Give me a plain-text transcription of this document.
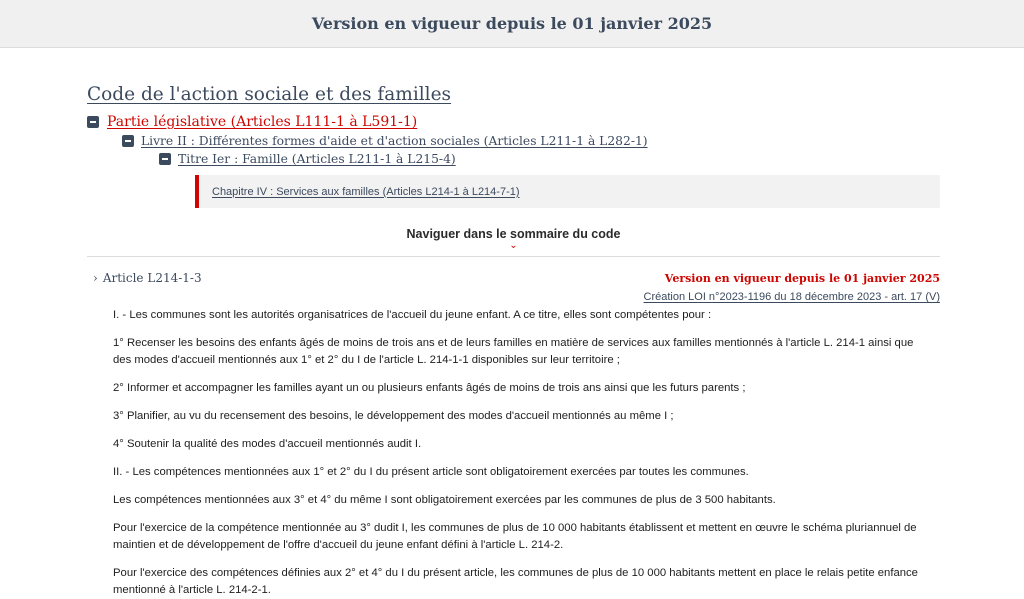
Version en vigueur depuis le 01 janvier 2025
Code de l'action sociale et des familles
Partie législative (Articles L111-1 à L591-1)
Livre II : Différentes formes d'aide et d'action sociales (Articles L211-1 à L282-1)
Titre Ier : Famille (Articles L211-1 à L215-4)
Chapitre IV : Services aux familles (Articles L214-1 à L214-7-1)
Naviguer dans le sommaire du code
⌄
› Article L214-1-3	Version en vigueur depuis le 01 janvier 2025
Création LOI n°2023-1196 du 18 décembre 2023 - art. 17 (V)

I. - Les communes sont les autorités organisatrices de l'accueil du jeune enfant. A ce titre, elles sont compétentes pour :

1° Recenser les besoins des enfants âgés de moins de trois ans et de leurs familles en matière de services aux familles mentionnés à l'article L. 214-1 ainsi que des modes d'accueil mentionnés aux 1° et 2° du I de l'article L. 214-1-1 disponibles sur leur territoire ;

2° Informer et accompagner les familles ayant un ou plusieurs enfants âgés de moins de trois ans ainsi que les futurs parents ;

3° Planifier, au vu du recensement des besoins, le développement des modes d'accueil mentionnés au même I ;

4° Soutenir la qualité des modes d'accueil mentionnés audit I.

II. - Les compétences mentionnées aux 1° et 2° du I du présent article sont obligatoirement exercées par toutes les communes.

Les compétences mentionnées aux 3° et 4° du même I sont obligatoirement exercées par les communes de plus de 3 500 habitants.

Pour l'exercice de la compétence mentionnée au 3° dudit I, les communes de plus de 10 000 habitants établissent et mettent en œuvre le schéma pluriannuel de maintien et de développement de l'offre d'accueil du jeune enfant défini à l'article L. 214-2.

Pour l'exercice des compétences définies aux 2° et 4° du I du présent article, les communes de plus de 10 000 habitants mettent en place le relais petite enfance mentionné à l'article L. 214-2-1.
